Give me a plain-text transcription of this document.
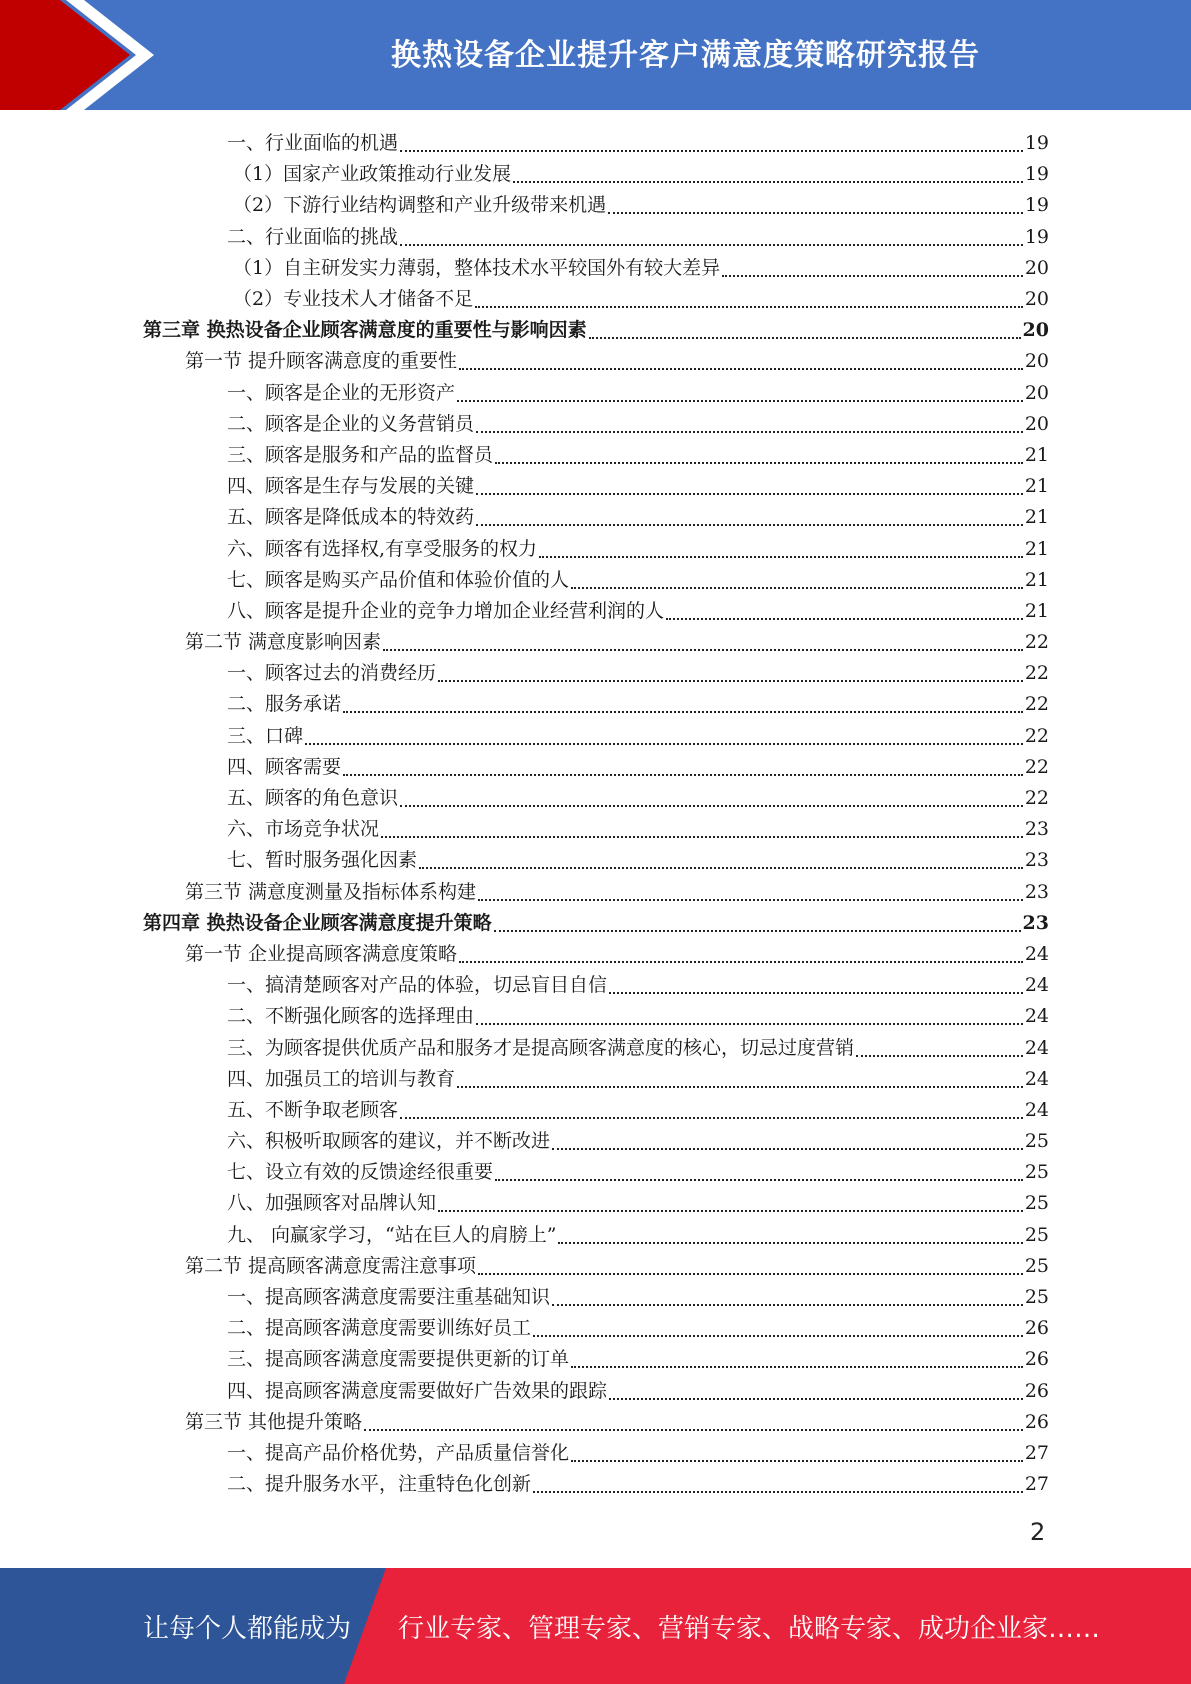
换热设备企业提升客户满意度策略研究报告
一、行业面临的机遇	19
（1）国家产业政策推动行业发展	19
（2）下游行业结构调整和产业升级带来机遇	19
二、行业面临的挑战	19
（1）自主研发实力薄弱，整体技术水平较国外有较大差异	20
（2）专业技术人才储备不足	20
第三章 换热设备企业顾客满意度的重要性与影响因素	20
第一节 提升顾客满意度的重要性	20
一、顾客是企业的无形资产	20
二、顾客是企业的义务营销员	20
三、顾客是服务和产品的监督员	21
四、顾客是生存与发展的关键	21
五、顾客是降低成本的特效药	21
六、顾客有选择权,有享受服务的权力	21
七、顾客是购买产品价值和体验价值的人	21
八、顾客是提升企业的竞争力增加企业经营利润的人	21
第二节 满意度影响因素	22
一、顾客过去的消费经历	22
二、服务承诺	22
三、口碑	22
四、顾客需要	22
五、顾客的角色意识	22
六、市场竞争状况	23
七、暂时服务强化因素	23
第三节 满意度测量及指标体系构建	23
第四章 换热设备企业顾客满意度提升策略	23
第一节 企业提高顾客满意度策略	24
一、搞清楚顾客对产品的体验，切忌盲目自信	24
二、不断强化顾客的选择理由	24
三、为顾客提供优质产品和服务才是提高顾客满意度的核心，切忌过度营销	24
四、加强员工的培训与教育	24
五、不断争取老顾客	24
六、积极听取顾客的建议，并不断改进	25
七、设立有效的反馈途经很重要	25
八、加强顾客对品牌认知	25
九、 向赢家学习，“站在巨人的肩膀上”	25
第二节 提高顾客满意度需注意事项	25
一、提高顾客满意度需要注重基础知识	25
二、提高顾客满意度需要训练好员工	26
三、提高顾客满意度需要提供更新的订单	26
四、提高顾客满意度需要做好广告效果的跟踪	26
第三节 其他提升策略	26
一、提高产品价格优势，产品质量信誉化	27
二、提升服务水平，注重特色化创新	27
2
让每个人都能成为 行业专家、管理专家、营销专家、战略专家、成功企业家……
